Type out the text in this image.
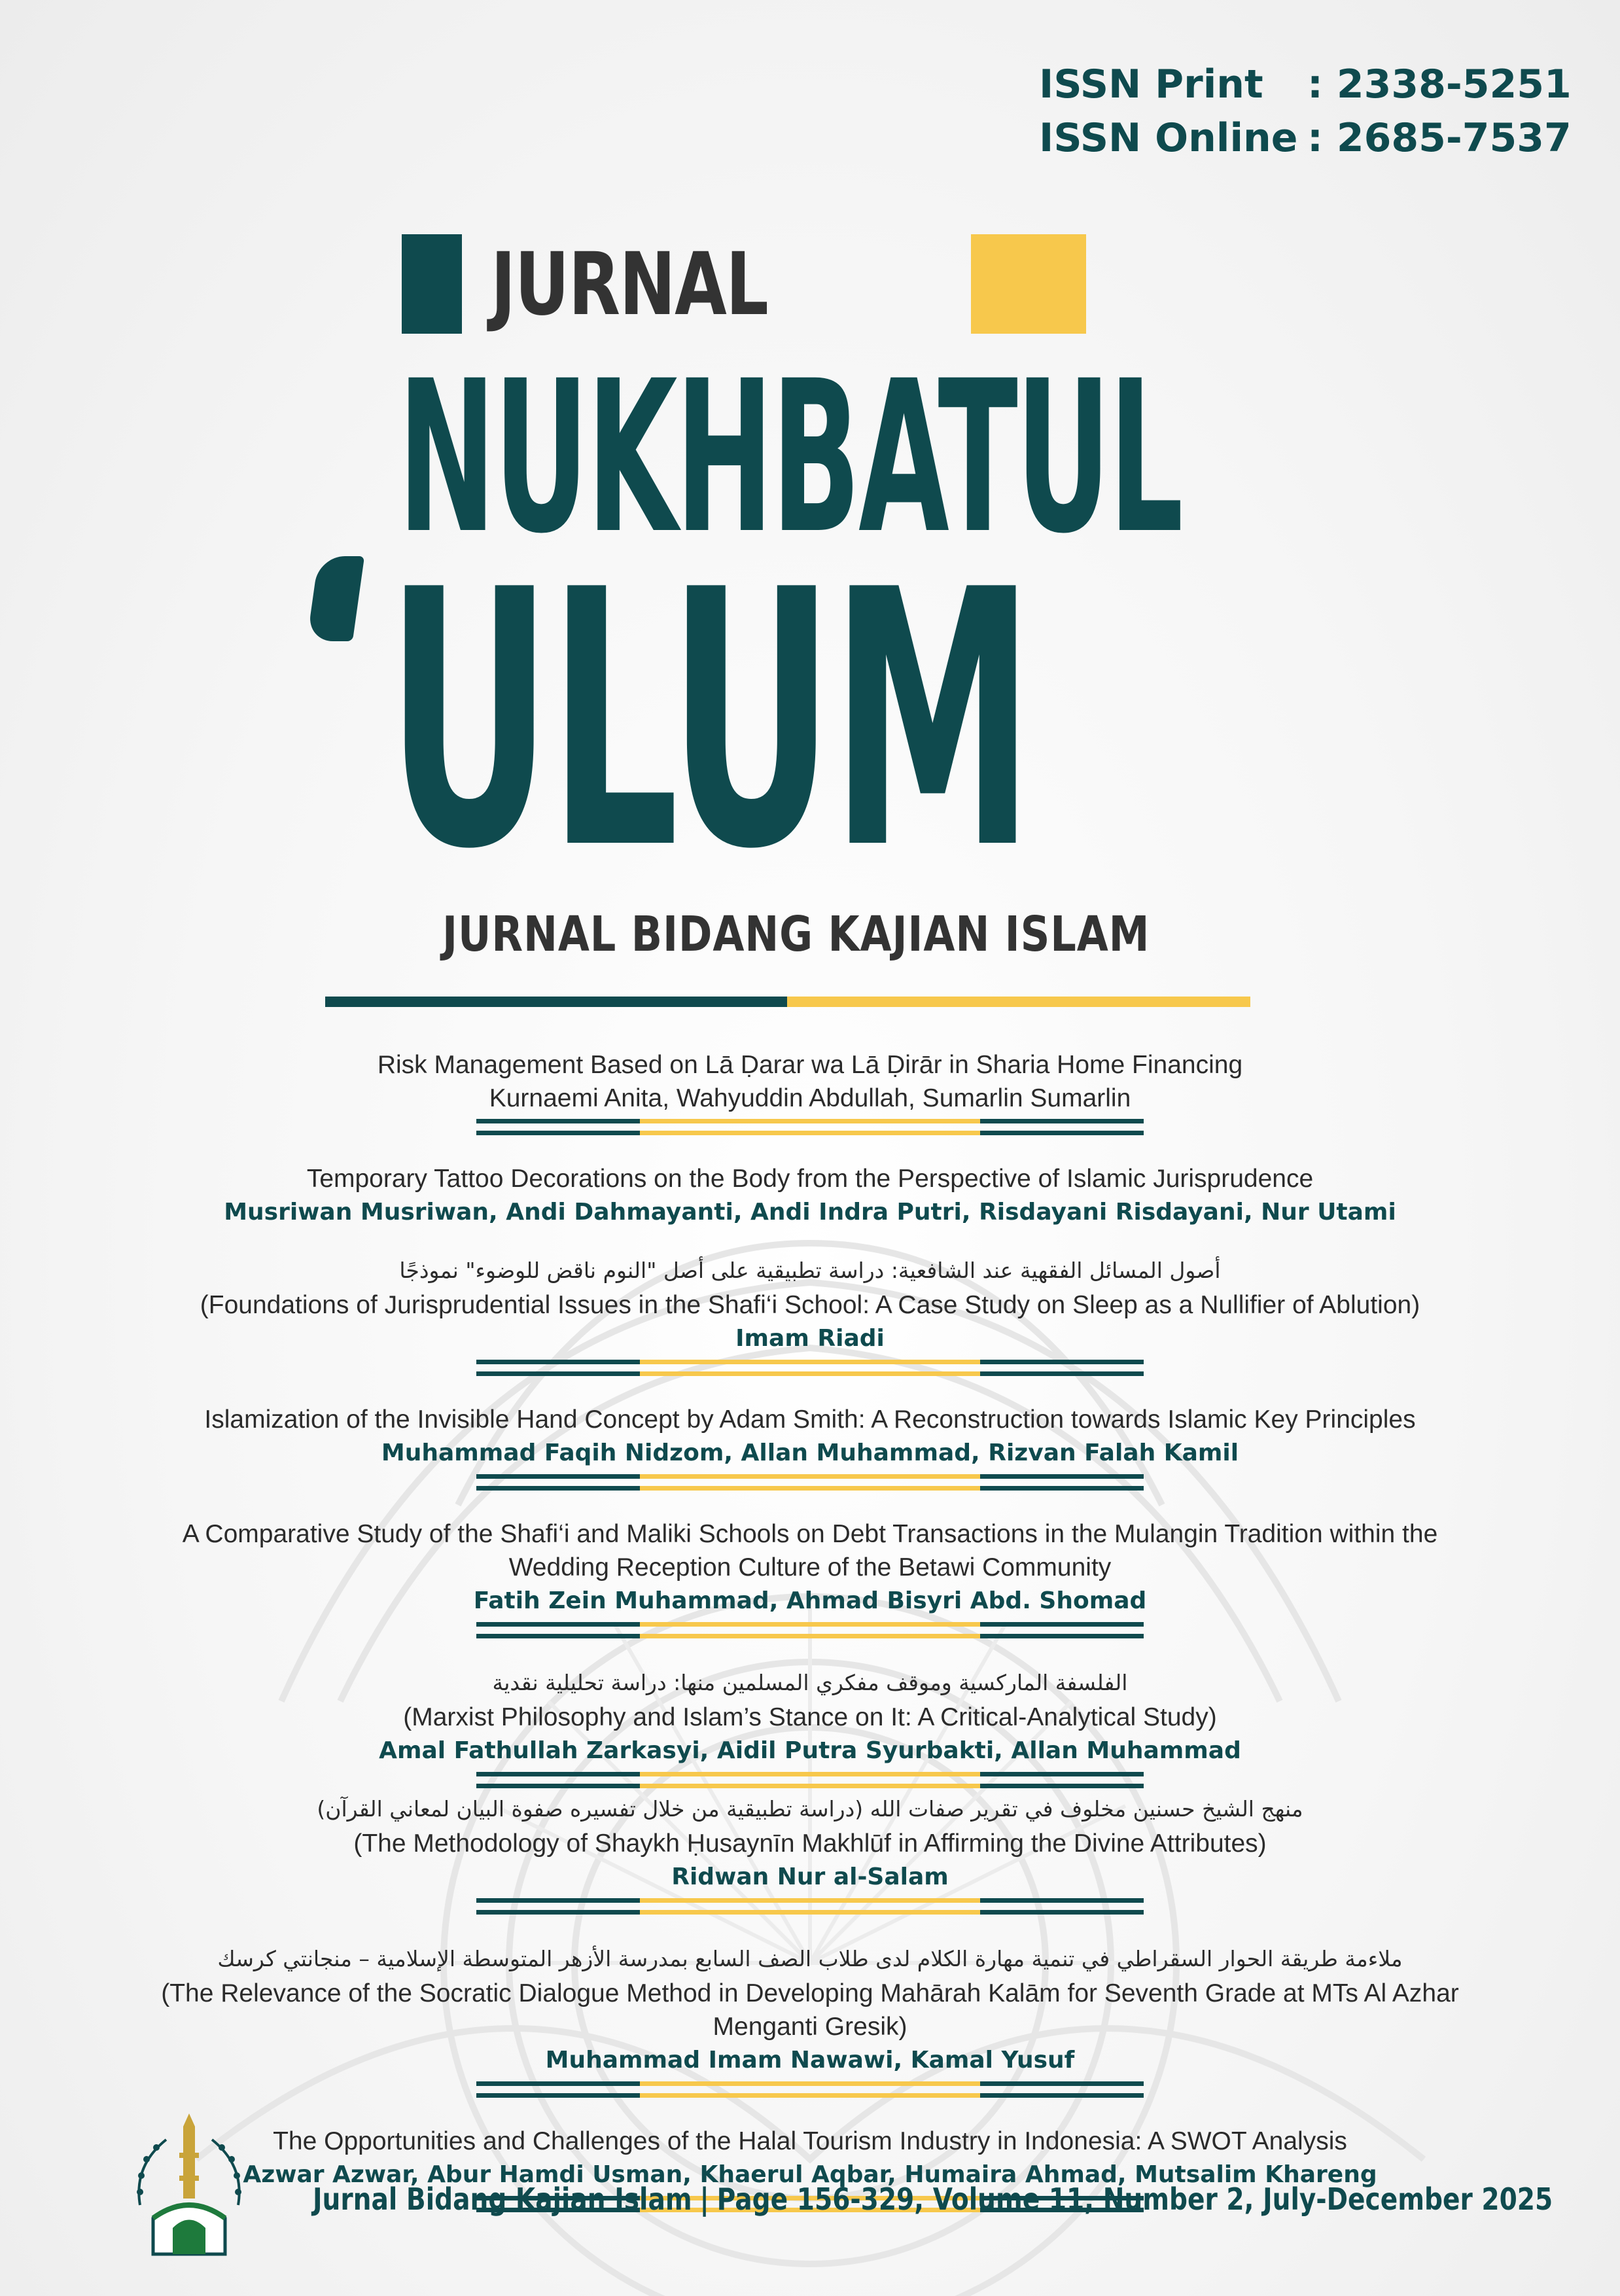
ISSN Print	: 2338-5251
ISSN Online : 2685-7537
JURNAL
NUKHBATUL
ULUM
JURNAL BIDANG KAJIAN ISLAM
Risk Management Based on Lā Ḍarar wa Lā Ḍirār in Sharia Home Financing
Kurnaemi Anita, Wahyuddin Abdullah, Sumarlin Sumarlin
Temporary Tattoo Decorations on the Body from the Perspective of Islamic Jurisprudence
Musriwan Musriwan, Andi Dahmayanti, Andi Indra Putri, Risdayani Risdayani, Nur Utami
أصول المسائل الفقهية عند الشافعية: دراسة تطبيقية على أصل "النوم ناقض للوضوء" نموذجًا
(Foundations of Jurisprudential Issues in the Shafi‘i School: A Case Study on Sleep as a Nullifier of Ablution)
Imam Riadi
Islamization of the Invisible Hand Concept by Adam Smith: A Reconstruction towards Islamic Key Principles
Muhammad Faqih Nidzom, Allan Muhammad, Rizvan Falah Kamil
A Comparative Study of the Shafi‘i and Maliki Schools on Debt Transactions in the Mulangin Tradition within the
Wedding Reception Culture of the Betawi Community
Fatih Zein Muhammad, Ahmad Bisyri Abd. Shomad
الفلسفة الماركسية وموقف مفكري المسلمين منها: دراسة تحليلية نقدية
(Marxist Philosophy and Islam’s Stance on It: A Critical-Analytical Study)
Amal Fathullah Zarkasyi, Aidil Putra Syurbakti, Allan Muhammad
منهج الشيخ حسنين مخلوف في تقرير صفات الله (دراسة تطبيقية من خلال تفسيره صفوة البيان لمعاني القرآن)
(The Methodology of Shaykh Ḥusaynīn Makhlūf in Affirming the Divine Attributes)
Ridwan Nur al-Salam
ملاءمة طريقة الحوار السقراطي في تنمية مهارة الكلام لدى طلاب الصف السابع بمدرسة الأزهر المتوسطة الإسلامية – منجانتي كرسك
(The Relevance of the Socratic Dialogue Method in Developing Mahārah Kalām for Seventh Grade at MTs Al Azhar
Menganti Gresik)
Muhammad Imam Nawawi, Kamal Yusuf
The Opportunities and Challenges of the Halal Tourism Industry in Indonesia: A SWOT Analysis
Azwar Azwar, Abur Hamdi Usman, Khaerul Aqbar, Humaira Ahmad, Mutsalim Khareng
Jurnal Bidang Kajian Islam | Page 156-329, Volume 11, Number 2, July-December 2025
